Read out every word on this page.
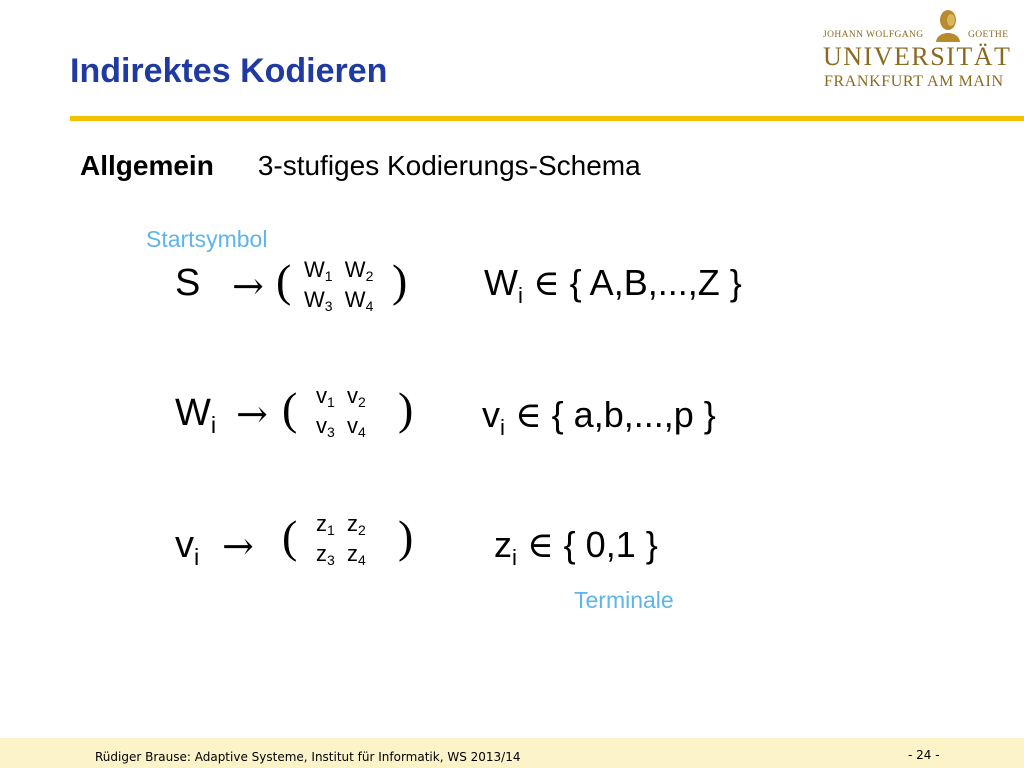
Indirektes Kodieren
JOHANN WOLFGANG	GOETHE
UNIVERSITÄT
FRANKFURT AM MAIN
Allgemein 3-stufiges Kodierungs-Schema
Startsymbol
S → ( W1 W2
W3 W4 ) $W_i$ ∈ { A,B,...,Z }
$W_i$ → ( v1 v2
v3 v4 ) $v_i$ ∈ { a,b,...,p }
$v_i$ → ( z1 z2
z3 z4 ) $z_i$ ∈ { 0,1 }
Terminale
Rüdiger Brause: Adaptive Systeme, Institut für Informatik, WS 2013/14	- 24 -
